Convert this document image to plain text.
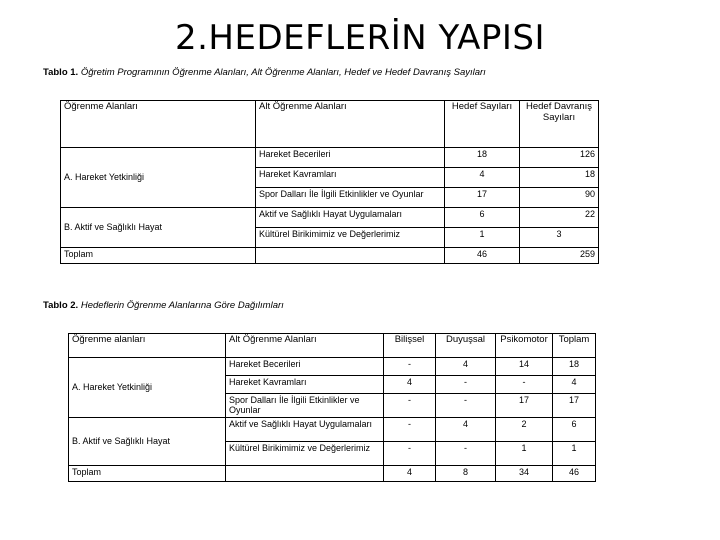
2.HEDEFLERİN YAPISI
Tablo 1. Öğretim Programının Öğrenme Alanları, Alt Öğrenme Alanları, Hedef ve Hedef Davranış Sayıları
Öğrenme Alanları	Alt Öğrenme Alanları	Hedef Sayıları	Hedef Davranış Sayıları
A. Hareket Yetkinliği	Hareket Becerileri	18	126
	Hareket Kavramları	4	18
	Spor Dalları İle İlgili Etkinlikler ve Oyunlar	17	90
B. Aktif ve Sağlıklı Hayat	Aktif ve Sağlıklı Hayat Uygulamaları	6	22
	Kültürel Birikimimiz ve Değerlerimiz	1	3
Toplam		46	259
Tablo 2. Hedeflerin Öğrenme Alanlarına Göre Dağılımları
Öğrenme alanları	Alt Öğrenme Alanları	Bilişsel	Duyuşsal	Psikomotor	Toplam
A. Hareket Yetkinliği	Hareket Becerileri	-	4	14	18
	Hareket Kavramları	4	-	-	4
	Spor Dalları İle İlgili Etkinlikler ve Oyunlar	-	-	17	17
B. Aktif ve Sağlıklı Hayat	Aktif ve Sağlıklı Hayat Uygulamaları	-	4	2	6
	Kültürel Birikimimiz ve Değerlerimiz	-	-	1	1
Toplam		4	8	34	46
